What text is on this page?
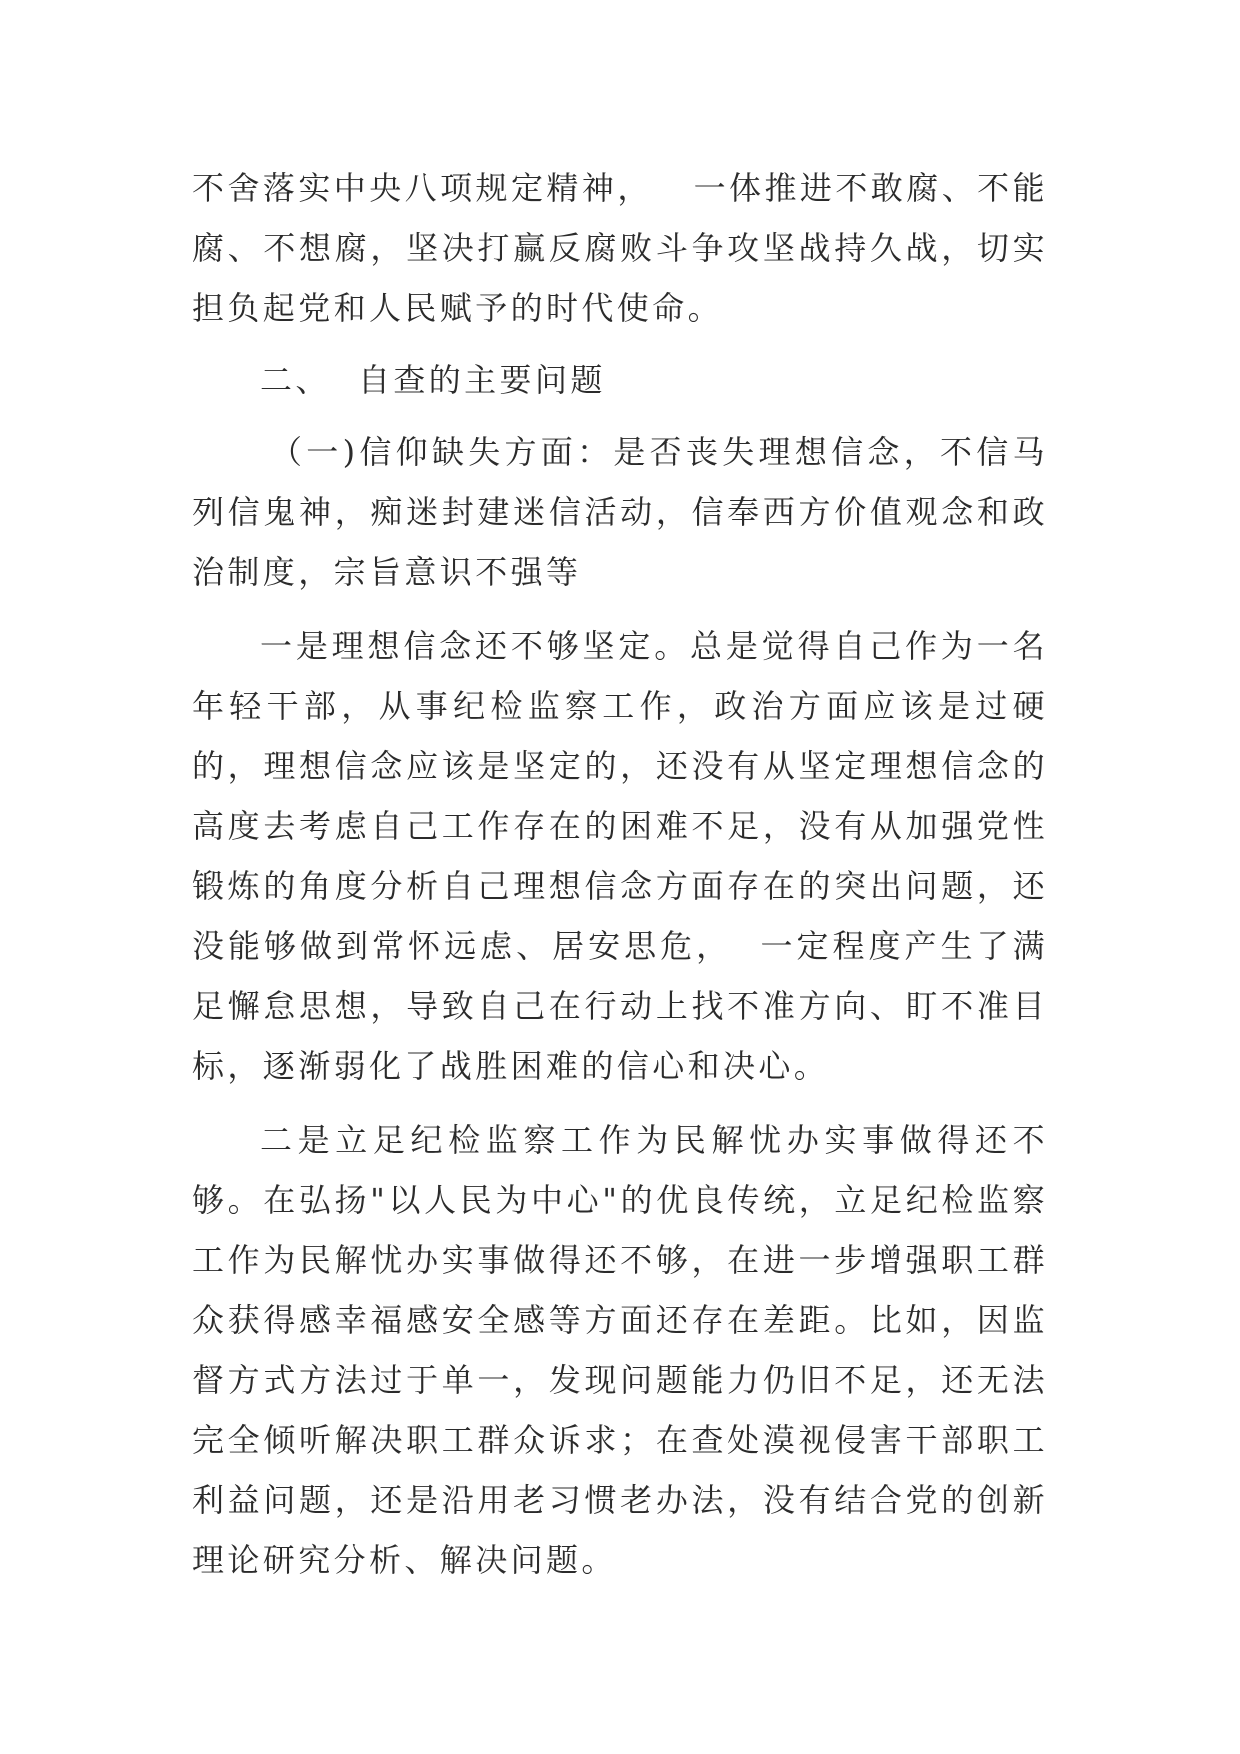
不舍落实中央八项规定精神，   一体推进不敢腐、不能腐、不想腐，坚决打赢反腐败斗争攻坚战持久战，切实担负起党和人民赋予的时代使命。

二、  自查的主要问题

（一)信仰缺失方面：是否丧失理想信念，不信马列信鬼神，痴迷封建迷信活动，信奉西方价值观念和政治制度，宗旨意识不强等

一是理想信念还不够坚定。总是觉得自己作为一名年轻干部，从事纪检监察工作，政治方面应该是过硬的，理想信念应该是坚定的，还没有从坚定理想信念的高度去考虑自己工作存在的困难不足，没有从加强党性锻炼的角度分析自己理想信念方面存在的突出问题，还没能够做到常怀远虑、居安思危，  一定程度产生了满足懈怠思想，导致自己在行动上找不准方向、盯不准目标，逐渐弱化了战胜困难的信心和决心。

二是立足纪检监察工作为民解忧办实事做得还不够。在弘扬"以人民为中心"的优良传统，立足纪检监察工作为民解忧办实事做得还不够，在进一步增强职工群众获得感幸福感安全感等方面还存在差距。比如，因监督方式方法过于单一，发现问题能力仍旧不足，还无法完全倾听解决职工群众诉求；在查处漠视侵害干部职工利益问题，还是沿用老习惯老办法，没有结合党的创新理论研究分析、解决问题。
